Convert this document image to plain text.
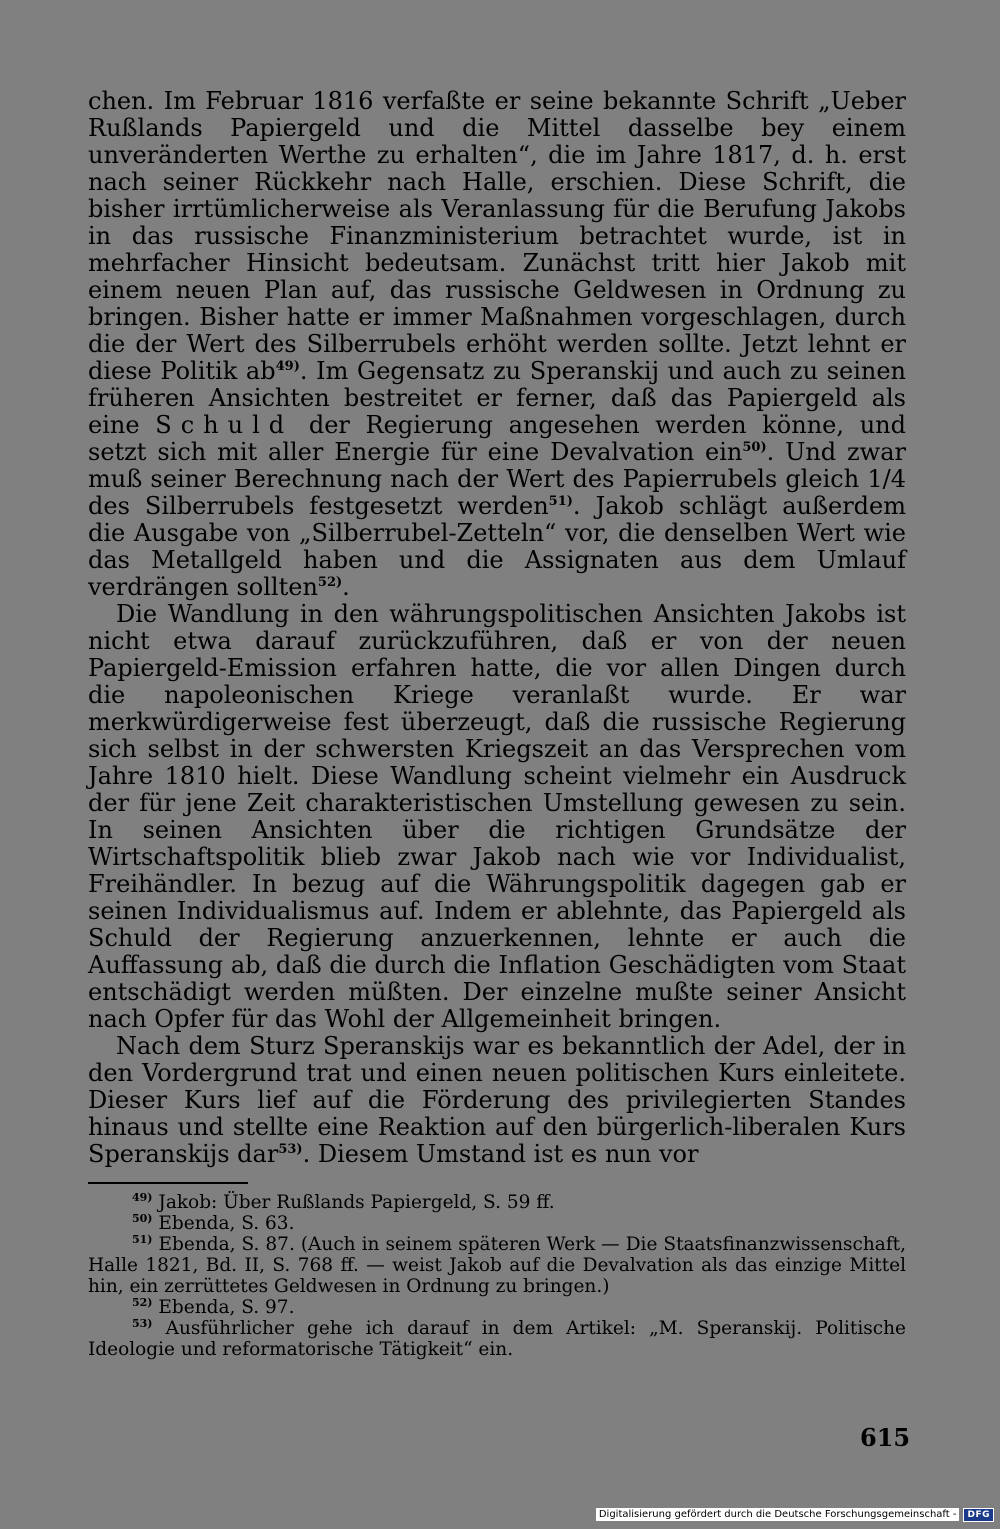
chen. Im Februar 1816 verfaßte er seine bekannte Schrift „Ueber Rußlands Papiergeld und die Mittel dasselbe bey einem unveränderten Werthe zu erhalten“, die im Jahre 1817, d. h. erst nach seiner Rückkehr nach Halle, erschien. Diese Schrift, die bisher irrtümlicherweise als Veranlassung für die Berufung Jakobs in das russische Finanzministerium betrachtet wurde, ist in mehrfacher Hinsicht bedeutsam. Zunächst tritt hier Jakob mit einem neuen Plan auf, das russische Geldwesen in Ordnung zu bringen. Bisher hatte er immer Maßnahmen vorgeschlagen, durch die der Wert des Silberrubels erhöht werden sollte. Jetzt lehnt er diese Politik $ab^{49)}$. Im Gegensatz zu Speranskij und auch zu seinen früheren Ansichten bestreitet er ferner, daß das Papiergeld als eine Schuld der Regierung angesehen werden könne, und setzt sich mit aller Energie für eine Devalvation ein$^{50)}$. Und zwar muß seiner Berechnung nach der Wert des Papierrubels gleich 1/4 des Silberrubels festgesetzt werden$^{51)}$. Jakob schlägt außerdem die Ausgabe von „Silberrubel-Zetteln“ vor, die denselben Wert wie das Metallgeld haben und die Assignaten aus dem Umlauf verdrängen sollten$^{52)}$.

Die Wandlung in den währungspolitischen Ansichten Jakobs ist nicht etwa darauf zurückzuführen, daß er von der neuen Papiergeld-Emission erfahren hatte, die vor allen Dingen durch die napoleonischen Kriege veranlaßt wurde. Er war merkwürdigerweise fest überzeugt, daß die russische Regierung sich selbst in der schwersten Kriegszeit an das Versprechen vom Jahre 1810 hielt. Diese Wandlung scheint vielmehr ein Ausdruck der für jene Zeit charakteristischen Umstellung gewesen zu sein. In seinen Ansichten über die richtigen Grundsätze der Wirtschaftspolitik blieb zwar Jakob nach wie vor Individualist, Freihändler. In bezug auf die Währungspolitik dagegen gab er seinen Individualismus auf. Indem er ablehnte, das Papiergeld als Schuld der Regierung anzuerkennen, lehnte er auch die Auffassung ab, daß die durch die Inflation Geschädigten vom Staat entschädigt werden müßten. Der einzelne mußte seiner Ansicht nach Opfer für das Wohl der Allgemeinheit bringen.

Nach dem Sturz Speranskijs war es bekanntlich der Adel, der in den Vordergrund trat und einen neuen politischen Kurs einleitete. Dieser Kurs lief auf die Förderung des privilegierten Standes hinaus und stellte eine Reaktion auf den bürgerlich-liberalen Kurs Speranskijs dar$^{53)}$. Diesem Umstand ist es nun vor

$^{49)}$ Jakob: Über Rußlands Papiergeld, S. 59 ff.

$^{50)}$ Ebenda, S. 63.

$^{51)}$ Ebenda, S. 87. (Auch in seinem späteren Werk — Die Staatsfinanzwissenschaft, Halle 1821, Bd. II, S. 768 ff. — weist Jakob auf die Devalvation als das einzige Mittel hin, ein zerrüttetes Geldwesen in Ordnung zu bringen.)

$^{52)}$ Ebenda, S. 97.

$^{53)}$ Ausführlicher gehe ich darauf in dem Artikel: „M. Speranskij. Politische Ideologie und reformatorische Tätigkeit“ ein.

615
Digitalisierung gefördert durch die Deutsche Forschungsgemeinschaft -	DFG
